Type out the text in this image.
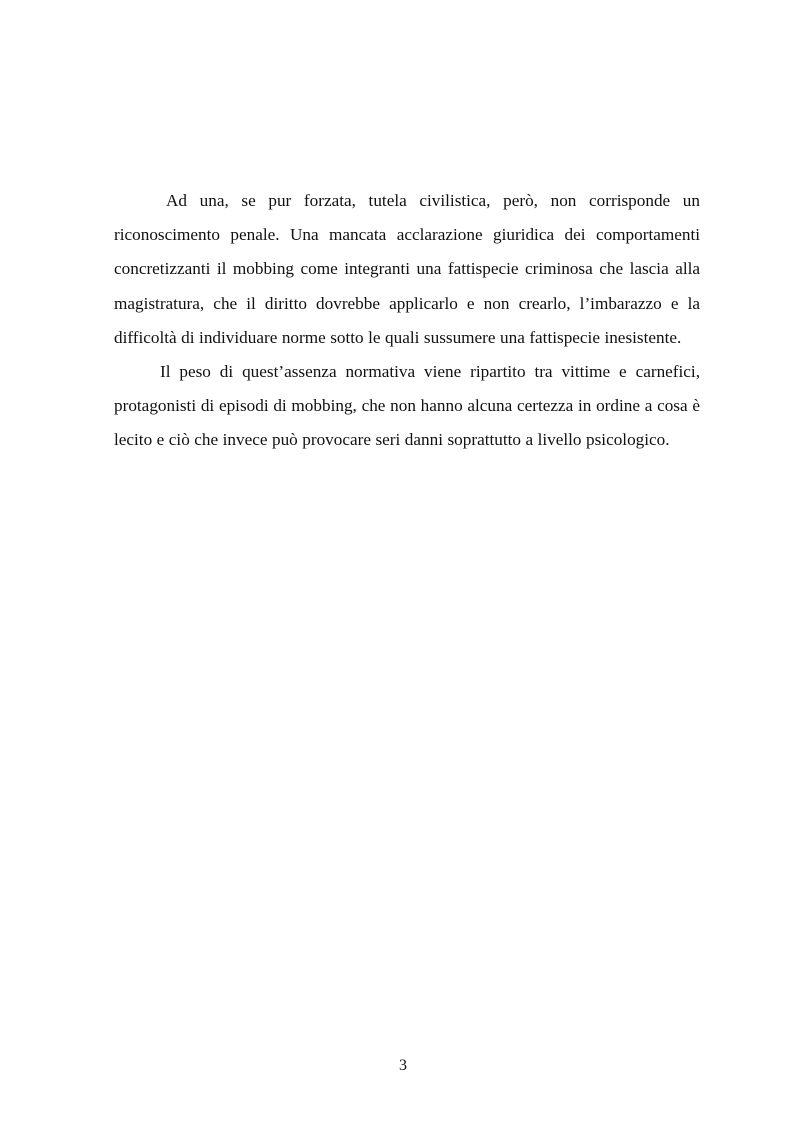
Ad una, se pur forzata, tutela civilistica, però, non corrisponde un riconoscimento penale. Una mancata acclarazione giuridica dei comportamenti concretizzanti il mobbing come integranti una fattispecie criminosa che lascia alla magistratura, che il diritto dovrebbe applicarlo e non crearlo, l’imbarazzo e la difficoltà di individuare norme sotto le quali sussumere una fattispecie inesistente.

Il peso di quest’assenza normativa viene ripartito tra vittime e carnefici, protagonisti di episodi di mobbing, che non hanno alcuna certezza in ordine a cosa è lecito e ciò che invece può provocare seri danni soprattutto a livello psicologico.

3
